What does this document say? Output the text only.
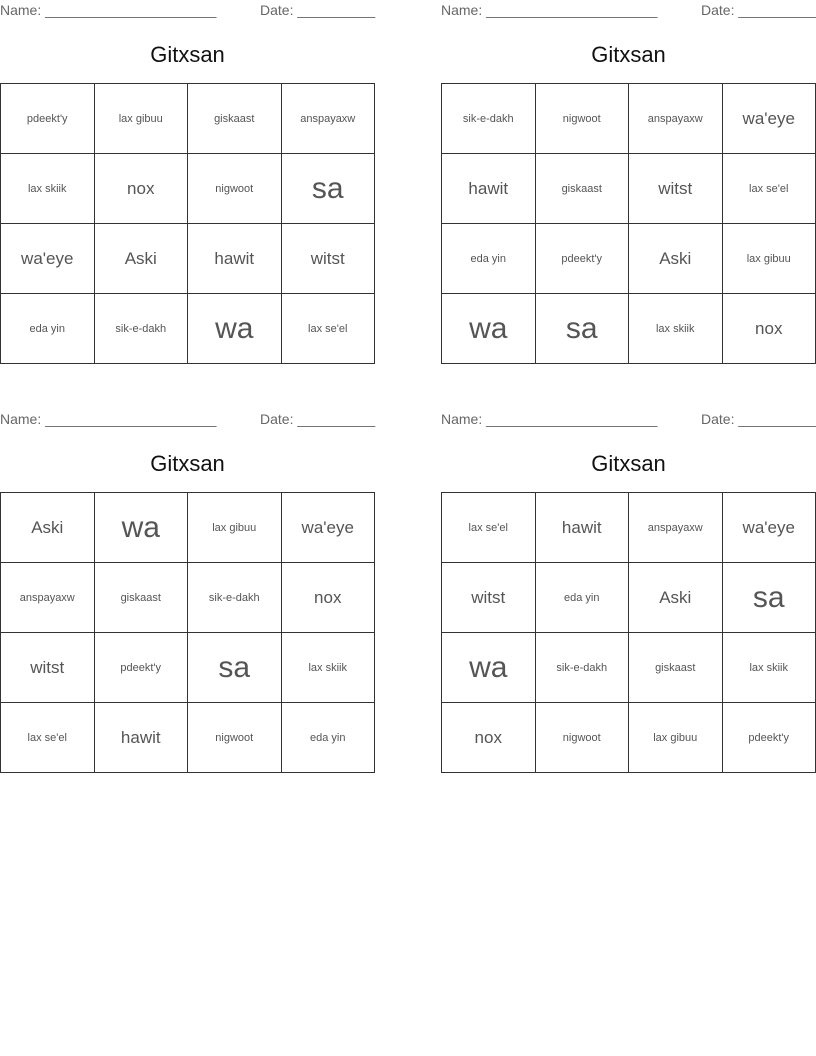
Name: ______________________	Date: __________
Gitxsan
pdeekt'y	lax gibuu	giskaast	anspayaxw
lax skiik	nox	nigwoot	sa
wa'eye	Aski	hawit	witst
eda yin	sik-e-dakh	wa	lax se'el
Name: ______________________	Date: __________
Gitxsan
sik-e-dakh	nigwoot	anspayaxw	wa'eye
hawit	giskaast	witst	lax se'el
eda yin	pdeekt'y	Aski	lax gibuu
wa	sa	lax skiik	nox
Name: ______________________	Date: __________
Gitxsan
Aski	wa	lax gibuu	wa'eye
anspayaxw	giskaast	sik-e-dakh	nox
witst	pdeekt'y	sa	lax skiik
lax se'el	hawit	nigwoot	eda yin
Name: ______________________	Date: __________
Gitxsan
lax se'el	hawit	anspayaxw	wa'eye
witst	eda yin	Aski	sa
wa	sik-e-dakh	giskaast	lax skiik
nox	nigwoot	lax gibuu	pdeekt'y
